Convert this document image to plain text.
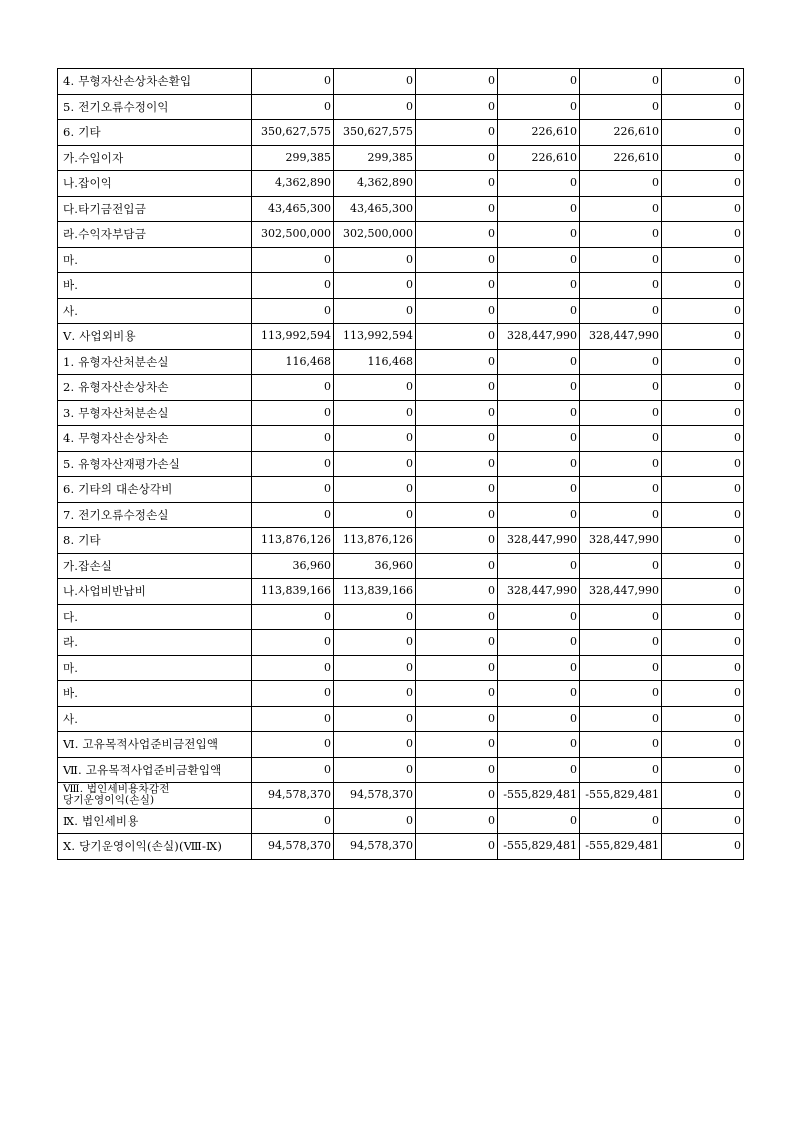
4. 무형자산손상차손환입	0	0	0	0	0	0
5. 전기오류수정이익	0	0	0	0	0	0
6. 기타	350,627,575	350,627,575	0	226,610	226,610	0
가.수입이자	299,385	299,385	0	226,610	226,610	0
나.잡이익	4,362,890	4,362,890	0	0	0	0
다.타기금전입금	43,465,300	43,465,300	0	0	0	0
라.수익자부담금	302,500,000	302,500,000	0	0	0	0
마.	0	0	0	0	0	0
바.	0	0	0	0	0	0
사.	0	0	0	0	0	0
Ⅴ. 사업외비용	113,992,594	113,992,594	0	328,447,990	328,447,990	0
1. 유형자산처분손실	116,468	116,468	0	0	0	0
2. 유형자산손상차손	0	0	0	0	0	0
3. 무형자산처분손실	0	0	0	0	0	0
4. 무형자산손상차손	0	0	0	0	0	0
5. 유형자산재평가손실	0	0	0	0	0	0
6. 기타의 대손상각비	0	0	0	0	0	0
7. 전기오류수정손실	0	0	0	0	0	0
8. 기타	113,876,126	113,876,126	0	328,447,990	328,447,990	0
가.잡손실	36,960	36,960	0	0	0	0
나.사업비반납비	113,839,166	113,839,166	0	328,447,990	328,447,990	0
다.	0	0	0	0	0	0
라.	0	0	0	0	0	0
마.	0	0	0	0	0	0
바.	0	0	0	0	0	0
사.	0	0	0	0	0	0
Ⅵ. 고유목적사업준비금전입액	0	0	0	0	0	0
Ⅶ. 고유목적사업준비금환입액	0	0	0	0	0	0
Ⅷ. 법인세비용차감전
당기운영이익(손실)	94,578,370	94,578,370	0	-555,829,481	-555,829,481	0
Ⅸ. 법인세비용	0	0	0	0	0	0
Ⅹ. 당기운영이익(손실)(Ⅷ-Ⅸ)	94,578,370	94,578,370	0	-555,829,481	-555,829,481	0
